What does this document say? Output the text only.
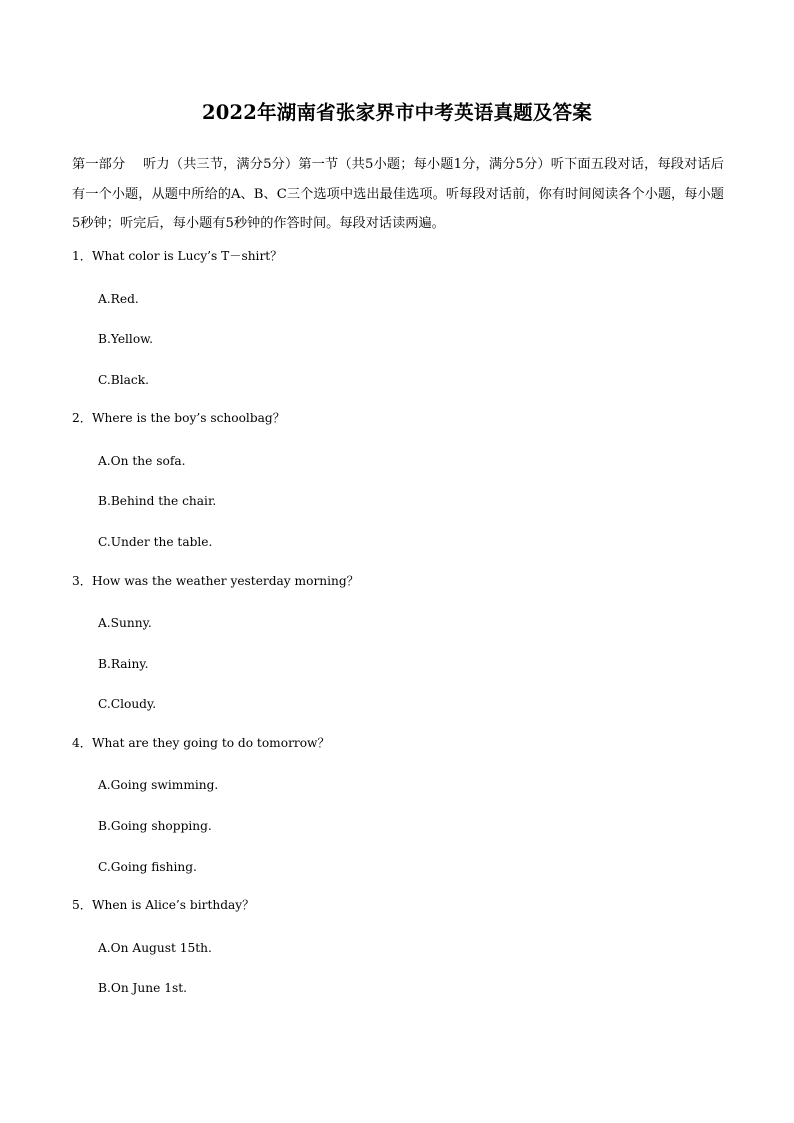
2022年湖南省张家界市中考英语真题及答案
第一部分　 听力（共三节，满分5分）第一节（共5小题；每小题1分，满分5分）听下面五段对话，每段对话后有一个小题，从题中所给的A、B、C三个选项中选出最佳选项。听每段对话前，你有时间阅读各个小题，每小题5秒钟；听完后，每小题有5秒钟的作答时间。每段对话读两遍。
1．What color is Lucy’s T－shirt？
A.Red.
B.Yellow.
C.Black.
2．Where is the boy’s schoolbag？
A.On the sofa.
B.Behind the chair.
C.Under the table.
3．How was the weather yesterday morning？
A.Sunny.
B.Rainy.
C.Cloudy.
4．What are they going to do tomorrow？
A.Going swimming.
B.Going shopping.
C.Going fishing.
5．When is Alice’s birthday？
A.On August 15th.
B.On June 1st.
